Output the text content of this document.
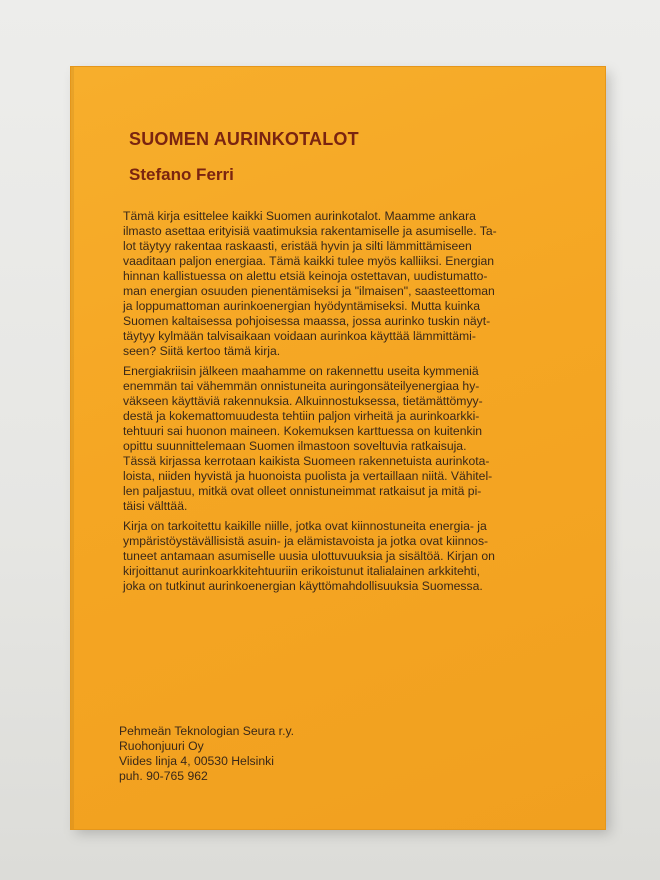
SUOMEN AURINKOTALOT
Stefano Ferri
Tämä kirja esittelee kaikki Suomen aurinkotalot. Maamme ankara
ilmasto asettaa erityisiä vaatimuksia rakentamiselle ja asumiselle. Ta-
lot täytyy rakentaa raskaasti, eristää hyvin ja silti lämmittämiseen
vaaditaan paljon energiaa. Tämä kaikki tulee myös kalliiksi. Energian
hinnan kallistuessa on alettu etsiä keinoja ostettavan, uudistumatto-
man energian osuuden pienentämiseksi ja "ilmaisen", saasteettoman
ja loppumattoman aurinkoenergian hyödyntämiseksi. Mutta kuinka
Suomen kaltaisessa pohjoisessa maassa, jossa aurinko tuskin näyt-
täytyy kylmään talvisaikaan voidaan aurinkoa käyttää lämmittämi-
seen? Siitä kertoo tämä kirja.
Energiakriisin jälkeen maahamme on rakennettu useita kymmeniä
enemmän tai vähemmän onnistuneita auringonsäteilyenergiaa hy-
väkseen käyttäviä rakennuksia. Alkuinnostuksessa, tietämättömyy-
destä ja kokemattomuudesta tehtiin paljon virheitä ja aurinkoarkki-
tehtuuri sai huonon maineen. Kokemuksen karttuessa on kuitenkin
opittu suunnittelemaan Suomen ilmastoon soveltuvia ratkaisuja.
Tässä kirjassa kerrotaan kaikista Suomeen rakennetuista aurinkota-
loista, niiden hyvistä ja huonoista puolista ja vertaillaan niitä. Vähitel-
len paljastuu, mitkä ovat olleet onnistuneimmat ratkaisut ja mitä pi-
täisi välttää.
Kirja on tarkoitettu kaikille niille, jotka ovat kiinnostuneita energia- ja
ympäristöystävällisistä asuin- ja elämistavoista ja jotka ovat kiinnos-
tuneet antamaan asumiselle uusia ulottuvuuksia ja sisältöä. Kirjan on
kirjoittanut aurinkoarkkitehtuuriin erikoistunut italialainen arkkitehti,
joka on tutkinut aurinkoenergian käyttömahdollisuuksia Suomessa.
Pehmeän Teknologian Seura r.y.
Ruohonjuuri Oy
Viides linja 4, 00530 Helsinki
puh. 90-765 962
